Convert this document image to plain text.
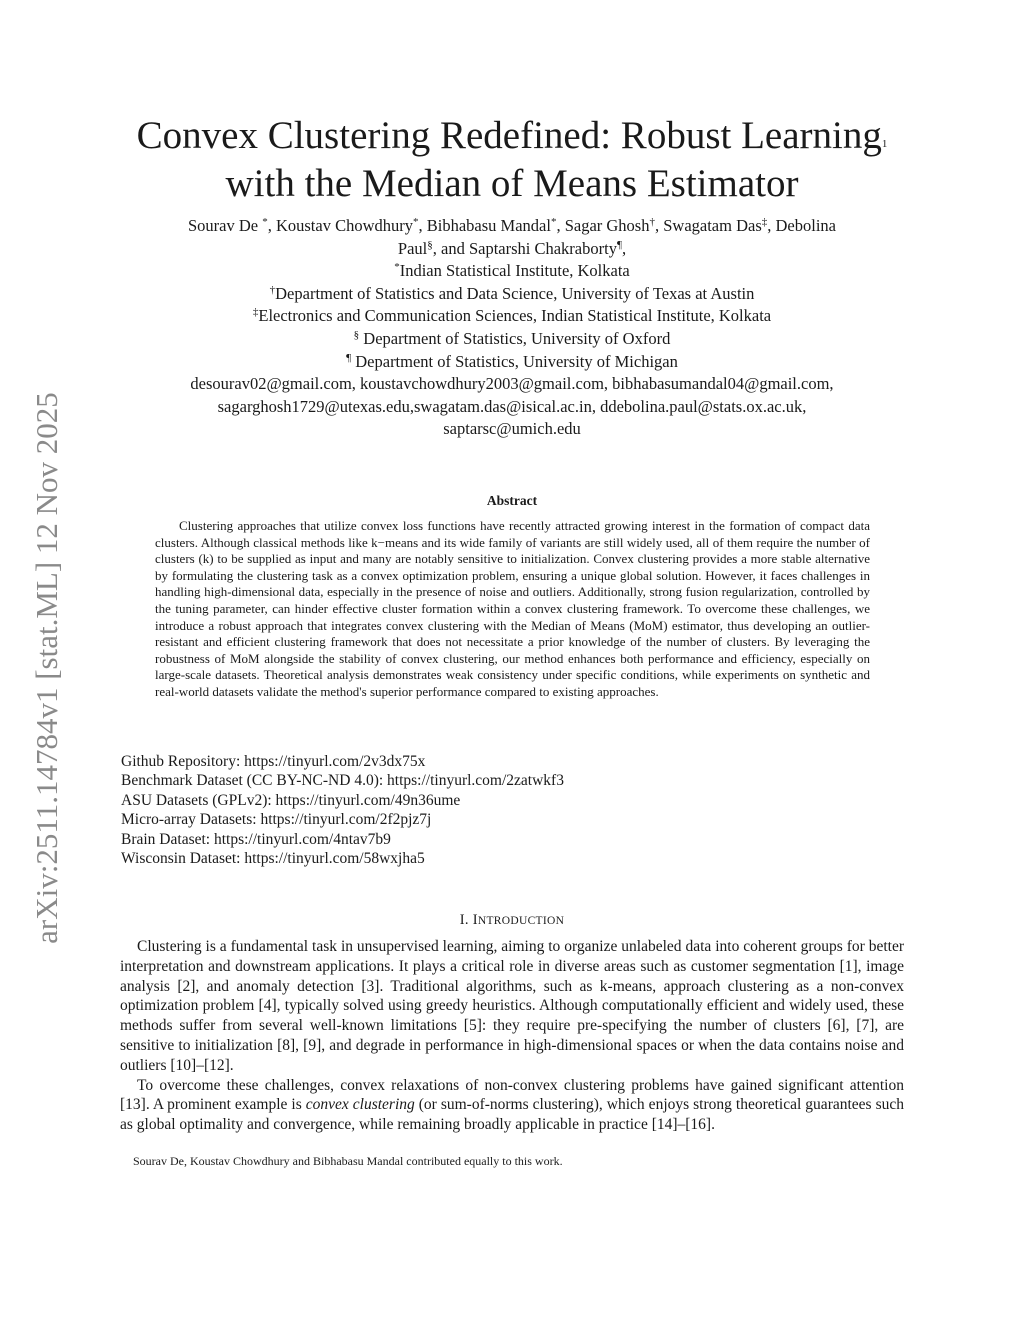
arXiv:2511.14784v1 [stat.ML] 12 Nov 2025
Convex Clustering Redefined: Robust Learning$^1$
with the Median of Means Estimator
Sourav De *, Koustav Chowdhury*, Bibhabasu Mandal*, Sagar Ghosh†, Swagatam Das‡, Debolina
Paul§, and Saptarshi Chakraborty¶,
*Indian Statistical Institute, Kolkata
†Department of Statistics and Data Science, University of Texas at Austin
‡Electronics and Communication Sciences, Indian Statistical Institute, Kolkata
§ Department of Statistics, University of Oxford
¶ Department of Statistics, University of Michigan
desourav02@gmail.com, koustavchowdhury2003@gmail.com, bibhabasumandal04@gmail.com,
sagarghosh1729@utexas.edu,swagatam.das@isical.ac.in, ddebolina.paul@stats.ox.ac.uk,
saptarsc@umich.edu
Abstract

Clustering approaches that utilize convex loss functions have recently attracted growing interest in the formation of compact data clusters. Although classical methods like k−means and its wide family of variants are still widely used, all of them require the number of clusters (k) to be supplied as input and many are notably sensitive to initialization. Convex clustering provides a more stable alternative by formulating the clustering task as a convex optimization problem, ensuring a unique global solution. However, it faces challenges in handling high-dimensional data, especially in the presence of noise and outliers. Additionally, strong fusion regularization, controlled by the tuning parameter, can hinder effective cluster formation within a convex clustering framework. To overcome these challenges, we introduce a robust approach that integrates convex clustering with the Median of Means (MoM) estimator, thus developing an outlier-resistant and efficient clustering framework that does not necessitate a prior knowledge of the number of clusters. By leveraging the robustness of MoM alongside the stability of convex clustering, our method enhances both performance and efficiency, especially on large-scale datasets. Theoretical analysis demonstrates weak consistency under specific conditions, while experiments on synthetic and real-world datasets validate the method's superior performance compared to existing approaches.

Github Repository: https://tinyurl.com/2v3dx75x
Benchmark Dataset (CC BY-NC-ND 4.0): https://tinyurl.com/2zatwkf3
ASU Datasets (GPLv2): https://tinyurl.com/49n36ume
Micro-array Datasets: https://tinyurl.com/2f2pjz7j
Brain Dataset: https://tinyurl.com/4ntav7b9
Wisconsin Dataset: https://tinyurl.com/58wxjha5
I. INTRODUCTION

Clustering is a fundamental task in unsupervised learning, aiming to organize unlabeled data into coherent groups for better interpretation and downstream applications. It plays a critical role in diverse areas such as customer segmentation [1], image analysis [2], and anomaly detection [3]. Traditional algorithms, such as k-means, approach clustering as a non-convex optimization problem [4], typically solved using greedy heuristics. Although computationally efficient and widely used, these methods suffer from several well-known limitations [5]: they require pre-specifying the number of clusters [6], [7], are sensitive to initialization [8], [9], and degrade in performance in high-dimensional spaces or when the data contains noise and outliers [10]–[12].

To overcome these challenges, convex relaxations of non-convex clustering problems have gained significant attention [13]. A prominent example is convex clustering (or sum-of-norms clustering), which enjoys strong theoretical guarantees such as global optimality and convergence, while remaining broadly applicable in practice [14]–[16].

Sourav De, Koustav Chowdhury and Bibhabasu Mandal contributed equally to this work.
